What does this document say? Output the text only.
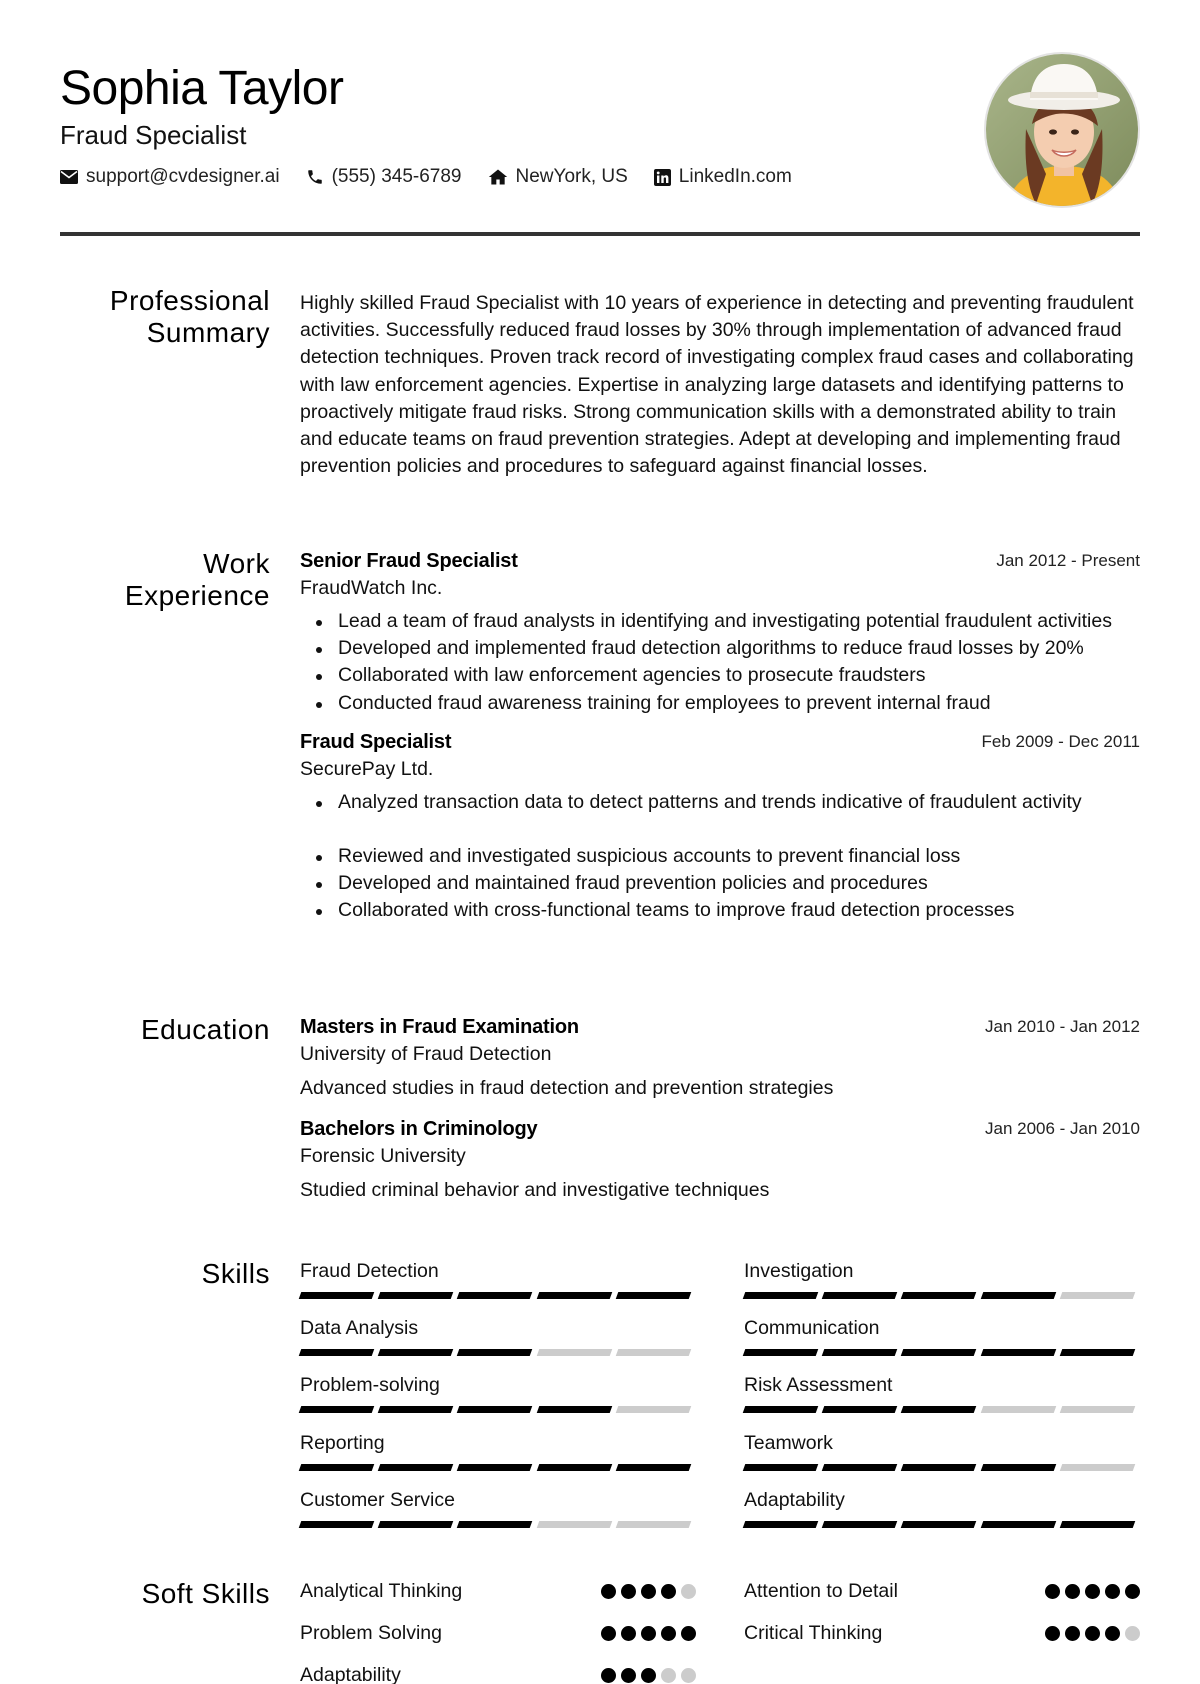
Sophia Taylor
Fraud Specialist
support@cvdesigner.ai	(555) 345-6789	NewYork, US	LinkedIn.com
Professional
Summary
Highly skilled Fraud Specialist with 10 years of experience in detecting and preventing fraudulent activities. Successfully reduced fraud losses by 30% through implementation of advanced fraud detection techniques. Proven track record of investigating complex fraud cases and collaborating with law enforcement agencies. Expertise in analyzing large datasets and identifying patterns to proactively mitigate fraud risks. Strong communication skills with a demonstrated ability to train and educate teams on fraud prevention strategies. Adept at developing and implementing fraud prevention policies and procedures to safeguard against financial losses.
Work
Experience
Senior Fraud Specialist	Jan 2012 - Present
FraudWatch Inc.
Lead a team of fraud analysts in identifying and investigating potential fraudulent activities
Developed and implemented fraud detection algorithms to reduce fraud losses by 20%
Collaborated with law enforcement agencies to prosecute fraudsters
Conducted fraud awareness training for employees to prevent internal fraud
Fraud Specialist	Feb 2009 - Dec 2011
SecurePay Ltd.
Analyzed transaction data to detect patterns and trends indicative of fraudulent activity
Reviewed and investigated suspicious accounts to prevent financial loss
Developed and maintained fraud prevention policies and procedures
Collaborated with cross-functional teams to improve fraud detection processes
Education Masters in Fraud Examination	Jan 2010 - Jan 2012
University of Fraud Detection
Advanced studies in fraud detection and prevention strategies
Bachelors in Criminology	Jan 2006 - Jan 2010
Forensic University
Studied criminal behavior and investigative techniques
Skills Fraud Detection	Investigation
Data Analysis	Communication
Problem-solving	Risk Assessment
Reporting	Teamwork
Customer Service	Adaptability
Soft Skills Analytical Thinking	Attention to Detail
Problem Solving	Critical Thinking
Adaptability
